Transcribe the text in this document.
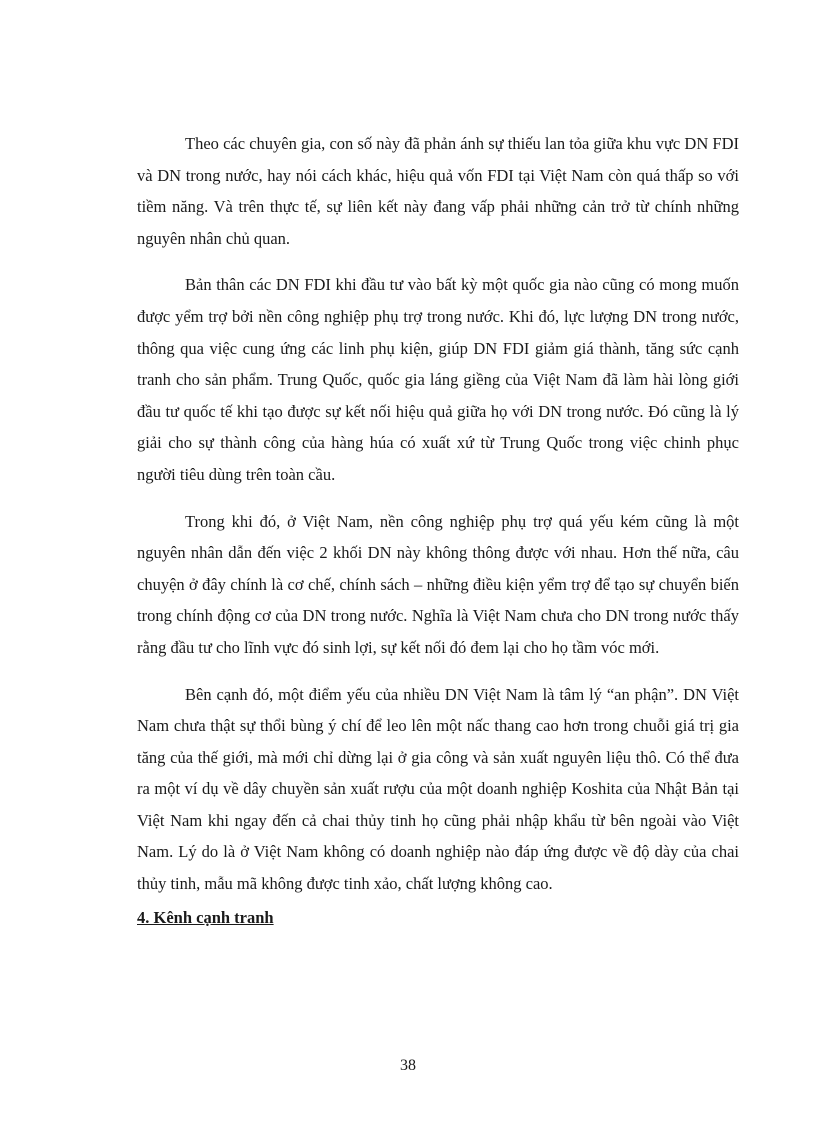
Theo các chuyên gia, con số này đã phản ánh sự thiếu lan tỏa giữa khu vực DN FDI và DN trong nước, hay nói cách khác, hiệu quả vốn FDI tại Việt Nam còn quá thấp so với tiềm năng. Và trên thực tế, sự liên kết này đang vấp phải những cản trở từ chính những nguyên nhân chủ quan.

Bản thân các DN FDI khi đầu tư vào bất kỳ một quốc gia nào cũng có mong muốn được yểm trợ bởi nền công nghiệp phụ trợ trong nước. Khi đó, lực lượng DN trong nước, thông qua việc cung ứng các linh phụ kiện, giúp DN FDI giảm giá thành, tăng sức cạnh tranh cho sản phẩm. Trung Quốc, quốc gia láng giềng của Việt Nam đã làm hài lòng giới đầu tư quốc tế khi tạo được sự kết nối hiệu quả giữa họ với DN trong nước. Đó cũng là lý giải cho sự thành công của hàng húa có xuất xứ từ Trung Quốc trong việc chinh phục người tiêu dùng trên toàn cầu.

Trong khi đó, ở Việt Nam, nền công nghiệp phụ trợ quá yếu kém cũng là một nguyên nhân dẫn đến việc 2 khối DN này không thông được với nhau. Hơn thế nữa, câu chuyện ở đây chính là cơ chế, chính sách – những điều kiện yểm trợ để tạo sự chuyển biến trong chính động cơ của DN trong nước. Nghĩa là Việt Nam chưa cho DN trong nước thấy rằng đầu tư cho lĩnh vực đó sinh lợi, sự kết nối đó đem lại cho họ tầm vóc mới.

Bên cạnh đó, một điểm yếu của nhiều DN Việt Nam là tâm lý “an phận”. DN Việt Nam chưa thật sự thổi bùng ý chí để leo lên một nấc thang cao hơn trong chuỗi giá trị gia tăng của thế giới, mà mới chỉ dừng lại ở gia công và sản xuất nguyên liệu thô. Có thể đưa ra một ví dụ về dây chuyền sản xuất rượu của một doanh nghiệp Koshita của Nhật Bản tại Việt Nam khi ngay đến cả chai thủy tinh họ cũng phải nhập khẩu từ bên ngoài vào Việt Nam. Lý do là ở Việt Nam không có doanh nghiệp nào đáp ứng được về độ dày của chai thủy tinh, mẫu mã không được tinh xảo, chất lượng không cao.

4. Kênh cạnh tranh
38
